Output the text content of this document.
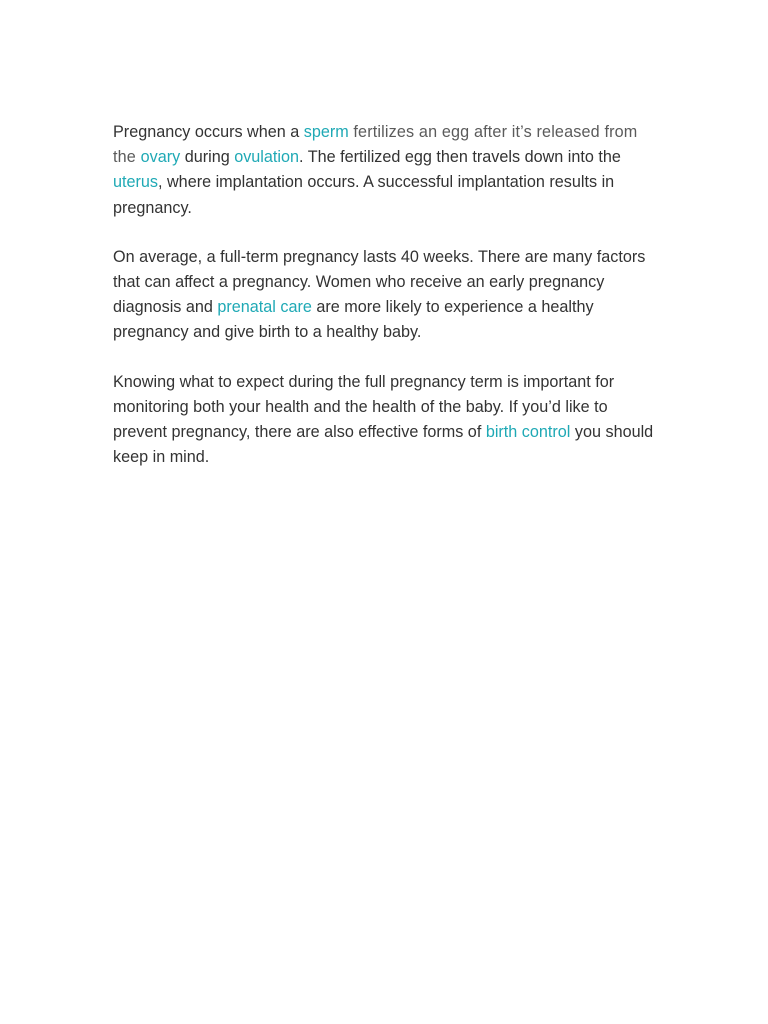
Pregnancy occurs when a sperm fertilizes an egg after it’s released from the ovary during ovulation. The fertilized egg then travels down into the uterus, where implantation occurs. A successful implantation results in pregnancy.

On average, a full-term pregnancy lasts 40 weeks. There are many factors that can affect a pregnancy. Women who receive an early pregnancy diagnosis and prenatal care are more likely to experience a healthy pregnancy and give birth to a healthy baby.

Knowing what to expect during the full pregnancy term is important for monitoring both your health and the health of the baby. If you’d like to prevent pregnancy, there are also effective forms of birth control you should keep in mind.
